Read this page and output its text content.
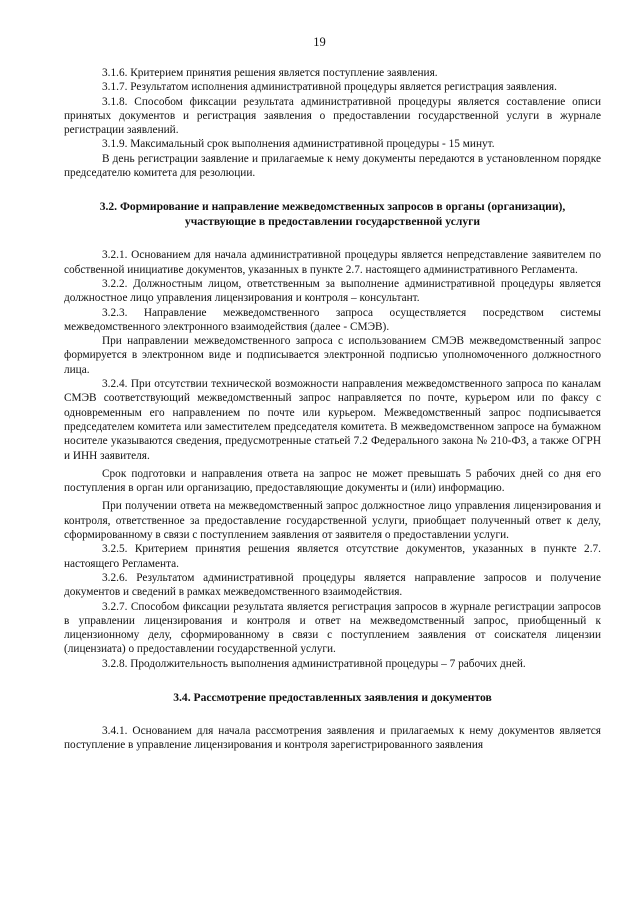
19

3.1.6. Критерием принятия решения является поступление заявления.

3.1.7. Результатом исполнения административной процедуры является регистрация заявления.

3.1.8. Способом фиксации результата административной процедуры является составление описи принятых документов и регистрация заявления о предоставлении государственной услуги в журнале регистрации заявлений.

3.1.9. Максимальный срок выполнения административной процедуры - 15 минут.

В день регистрации заявление и прилагаемые к нему документы передаются в установленном порядке председателю комитета для резолюции.

3.2. Формирование и направление межведомственных запросов в органы (организации), участвующие в предоставлении государственной услуги

3.2.1. Основанием для начала административной процедуры является непредставление заявителем по собственной инициативе документов, указанных в пункте 2.7. настоящего административного Регламента.

3.2.2. Должностным лицом, ответственным за выполнение административной процедуры является должностное лицо управления лицензирования и контроля – консультант.

3.2.3. Направление межведомственного запроса осуществляется посредством системы межведомственного электронного взаимодействия (далее - СМЭВ).

При направлении межведомственного запроса с использованием СМЭВ межведомственный запрос формируется в электронном виде и подписывается электронной подписью уполномоченного должностного лица.

3.2.4. При отсутствии технической возможности направления межведомственного запроса по каналам СМЭВ соответствующий межведомственный запрос направляется по почте, курьером или по факсу с одновременным его направлением по почте или курьером. Межведомственный запрос подписывается председателем комитета или заместителем председателя комитета. В межведомственном запросе на бумажном носителе указываются сведения, предусмотренные статьей 7.2 Федерального закона № 210-ФЗ, а также ОГРН и ИНН заявителя.

Срок подготовки и направления ответа на запрос не может превышать 5 рабочих дней со дня его поступления в орган или организацию, предоставляющие документы и (или) информацию.

При получении ответа на межведомственный запрос должностное лицо управления лицензирования и контроля, ответственное за предоставление государственной услуги, приобщает полученный ответ к делу, сформированному в связи с поступлением заявления от заявителя о предоставлении услуги.

3.2.5. Критерием принятия решения является отсутствие документов, указанных в пункте 2.7. настоящего Регламента.

3.2.6. Результатом административной процедуры является направление запросов и получение документов и сведений в рамках межведомственного взаимодействия.

3.2.7. Способом фиксации результата является регистрация запросов в журнале регистрации запросов в управлении лицензирования и контроля и ответ на межведомственный запрос, приобщенный к лицензионному делу, сформированному в связи с поступлением заявления от соискателя лицензии (лицензиата) о предоставлении государственной услуги.

3.2.8. Продолжительность выполнения административной процедуры – 7 рабочих дней.

3.4. Рассмотрение предоставленных заявления и документов

3.4.1. Основанием для начала рассмотрения заявления и прилагаемых к нему документов является поступление в управление лицензирования и контроля зарегистрированного заявления
